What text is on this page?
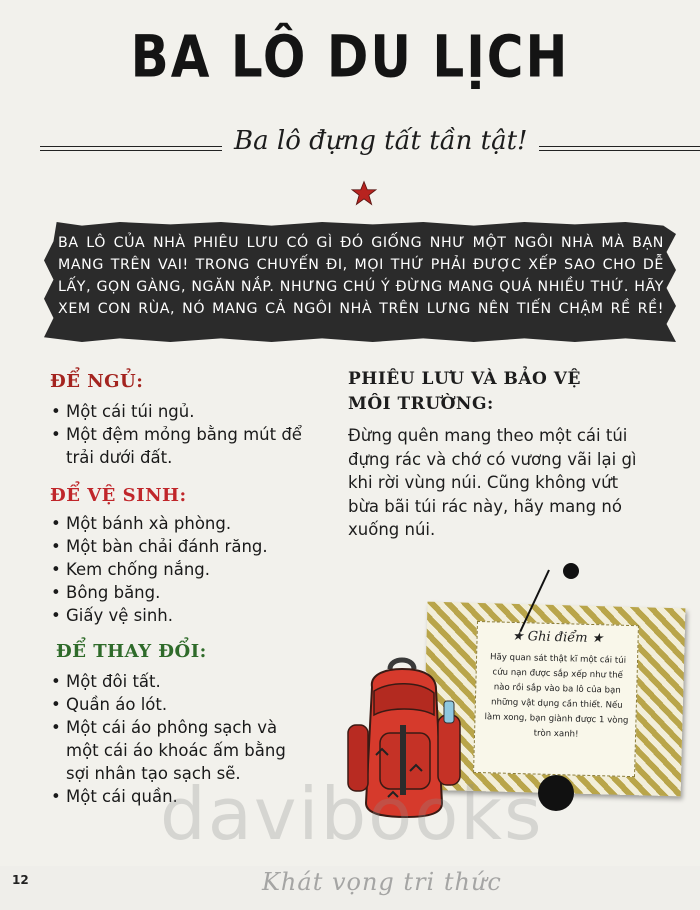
BA LÔ DU LỊCH
Ba lô đựng tất tần tật!
BA LÔ CỦA NHÀ PHIÊU LƯU CÓ GÌ ĐÓ GIỐNG NHƯ MỘT NGÔI NHÀ MÀ BẠN MANG TRÊN VAI! TRONG CHUYẾN ĐI, MỌI THỨ PHẢI ĐƯỢC XẾP SAO CHO DỄ LẤY, GỌN GÀNG, NGĂN NẮP. NHƯNG CHÚ Ý ĐỪNG MANG QUÁ NHIỀU THỨ. HÃY XEM CON RÙA, NÓ MANG CẢ NGÔI NHÀ TRÊN LƯNG NÊN TIẾN CHẬM RỀ RỀ!
ĐỂ NGỦ:
• Một cái túi ngủ.
• Một đệm mỏng bằng mút để trải dưới đất.
ĐỂ VỆ SINH:
• Một bánh xà phòng.
• Một bàn chải đánh răng.
• Kem chống nắng.
• Bông băng.
• Giấy vệ sinh.
ĐỂ THAY ĐỔI:
• Một đôi tất.
• Quần áo lót.
• Một cái áo phông sạch và một cái áo khoác ấm bằng sợi nhân tạo sạch sẽ.
• Một cái quần.
PHIÊU LƯU VÀ BẢO VỆ
MÔI TRƯỜNG:
Đừng quên mang theo một cái túi đựng rác và chớ có vương vãi lại gì khi rời vùng núi. Cũng không vứt bừa bãi túi rác này, hãy mang nó xuống núi.
★ Ghi điểm ★
Hãy quan sát thật kĩ một cái túi cứu nạn được sắp xếp như thế nào rồi sắp vào ba lô của bạn những vật dụng cần thiết. Nếu làm xong, bạn giành được 1 vòng tròn xanh!
davibooks
12	Khát vọng tri thức
